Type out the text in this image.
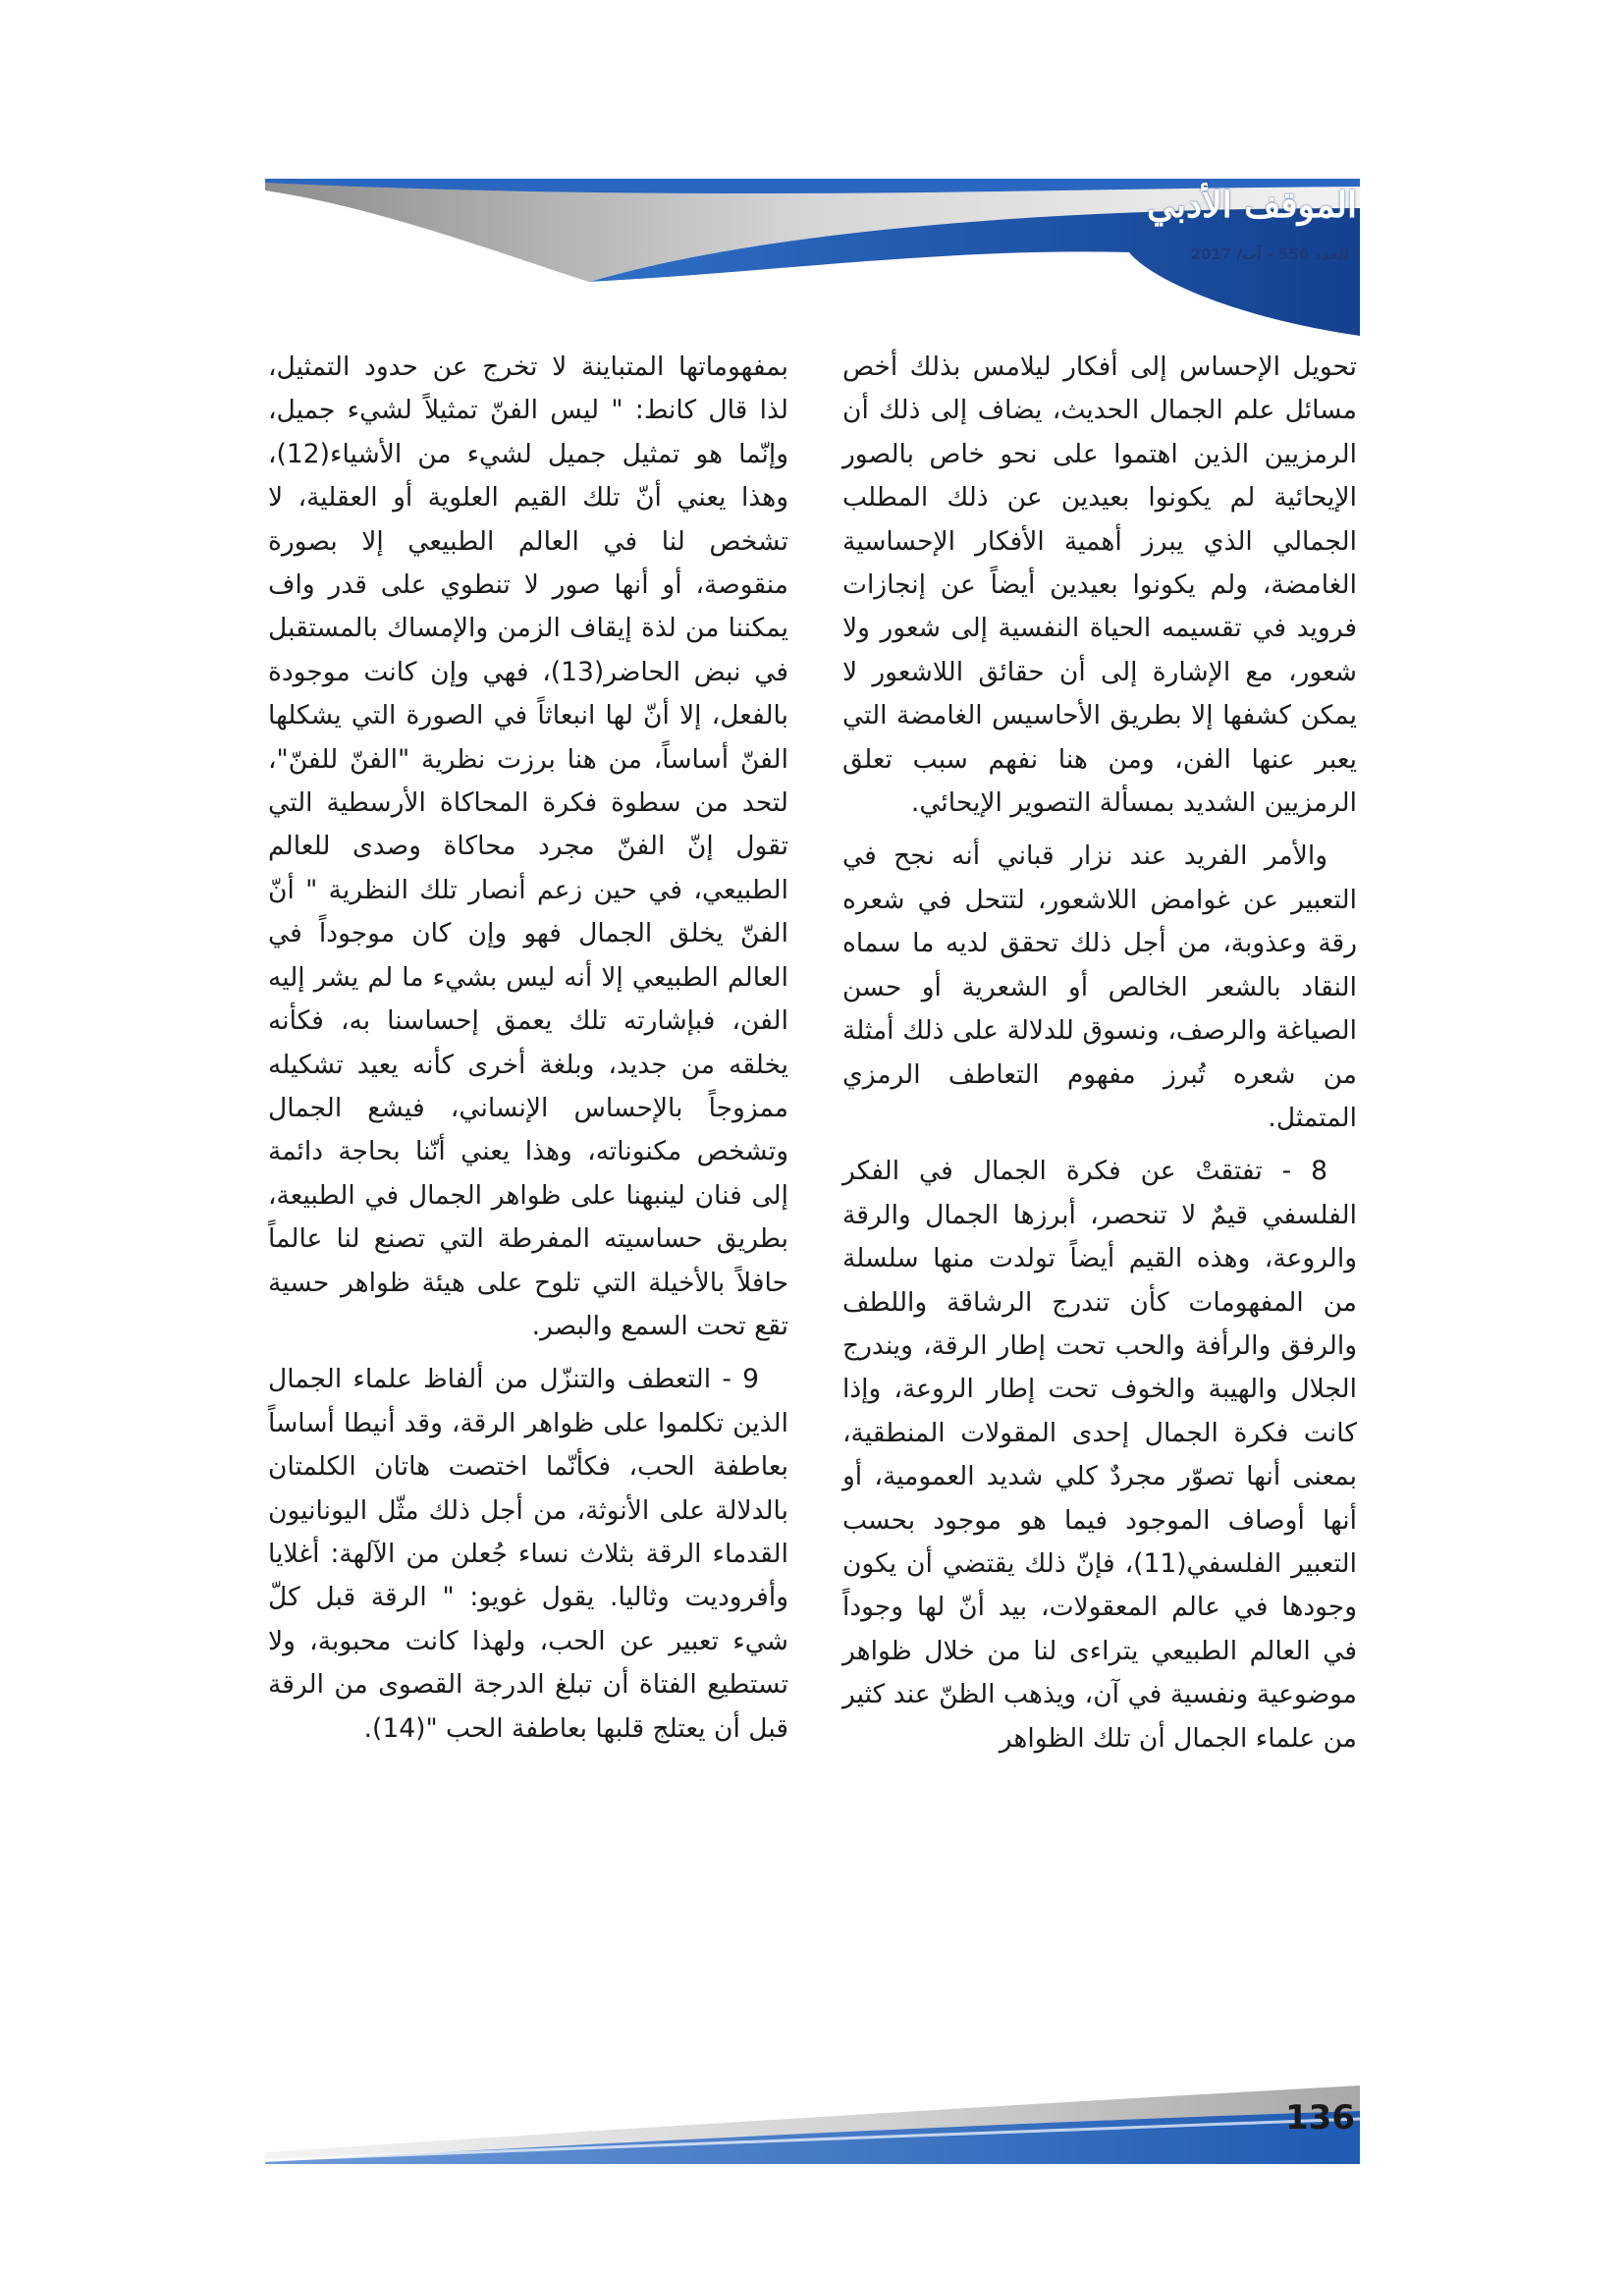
الموقف الأدبي
العدد 556 - آب/ 2017

تحويل الإحساس إلى أفكار ليلامس بذلك أخص مسائل علم الجمال الحديث، يضاف إلى ذلك أن الرمزيين الذين اهتموا على نحو خاص بالصور الإيحائية لم يكونوا بعيدين عن ذلك المطلب الجمالي الذي يبرز أهمية الأفكار الإحساسية الغامضة، ولم يكونوا بعيدين أيضاً عن إنجازات فرويد في تقسيمه الحياة النفسية إلى شعور ولا شعور، مع الإشارة إلى أن حقائق اللاشعور لا يمكن كشفها إلا بطريق الأحاسيس الغامضة التي يعبر عنها الفن، ومن هنا نفهم سبب تعلق الرمزيين الشديد بمسألة التصوير الإيحائي.

والأمر الفريد عند نزار قباني أنه نجح في التعبير عن غوامض اللاشعور، لتتحل في شعره رقة وعذوبة، من أجل ذلك تحقق لديه ما سماه النقاد بالشعر الخالص أو الشعرية أو حسن الصياغة والرصف، ونسوق للدلالة على ذلك أمثلة من شعره تُبرز مفهوم التعاطف الرمزي المتمثل.

8 - تفتقتْ عن فكرة الجمال في الفكر الفلسفي قيمٌ لا تنحصر، أبرزها الجمال والرقة والروعة، وهذه القيم أيضاً تولدت منها سلسلة من المفهومات كأن تندرج الرشاقة واللطف والرفق والرأفة والحب تحت إطار الرقة، ويندرج الجلال والهيبة والخوف تحت إطار الروعة، وإذا كانت فكرة الجمال إحدى المقولات المنطقية، بمعنى أنها تصوّر مجردٌ كلي شديد العمومية، أو أنها أوصاف الموجود فيما هو موجود بحسب التعبير الفلسفي(11)، فإنّ ذلك يقتضي أن يكون وجودها في عالم المعقولات، بيد أنّ لها وجوداً في العالم الطبيعي يتراءى لنا من خلال ظواهر موضوعية ونفسية في آن، ويذهب الظنّ عند كثير من علماء الجمال أن تلك الظواهر

بمفهوماتها المتباينة لا تخرج عن حدود التمثيل، لذا قال كانط: " ليس الفنّ تمثيلاً لشيء جميل، وإنّما هو تمثيل جميل لشيء من الأشياء(12)، وهذا يعني أنّ تلك القيم العلوية أو العقلية، لا تشخص لنا في العالم الطبيعي إلا بصورة منقوصة، أو أنها صور لا تنطوي على قدر واف يمكننا من لذة إيقاف الزمن والإمساك بالمستقبل في نبض الحاضر(13)، فهي وإن كانت موجودة بالفعل، إلا أنّ لها انبعاثاً في الصورة التي يشكلها الفنّ أساساً، من هنا برزت نظرية "الفنّ للفنّ"، لتحد من سطوة فكرة المحاكاة الأرسطية التي تقول إنّ الفنّ مجرد محاكاة وصدى للعالم الطبيعي، في حين زعم أنصار تلك النظرية " أنّ الفنّ يخلق الجمال فهو وإن كان موجوداً في العالم الطبيعي إلا أنه ليس بشيء ما لم يشر إليه الفن، فبإشارته تلك يعمق إحساسنا به، فكأنه يخلقه من جديد، وبلغة أخرى كأنه يعيد تشكيله ممزوجاً بالإحساس الإنساني، فيشع الجمال وتشخص مكنوناته، وهذا يعني أنّنا بحاجة دائمة إلى فنان لينبهنا على ظواهر الجمال في الطبيعة، بطريق حساسيته المفرطة التي تصنع لنا عالماً حافلاً بالأخيلة التي تلوح على هيئة ظواهر حسية تقع تحت السمع والبصر.

9 - التعطف والتنزّل من ألفاظ علماء الجمال الذين تكلموا على ظواهر الرقة، وقد أنيطا أساساً بعاطفة الحب، فكأنّما اختصت هاتان الكلمتان بالدلالة على الأنوثة، من أجل ذلك مثّل اليونانيون القدماء الرقة بثلاث نساء جُعلن من الآلهة: أغلايا وأفروديت وثاليا. يقول غويو: " الرقة قبل كلّ شيء تعبير عن الحب، ولهذا كانت محبوبة، ولا تستطيع الفتاة أن تبلغ الدرجة القصوى من الرقة قبل أن يعتلج قلبها بعاطفة الحب "(14).

136
